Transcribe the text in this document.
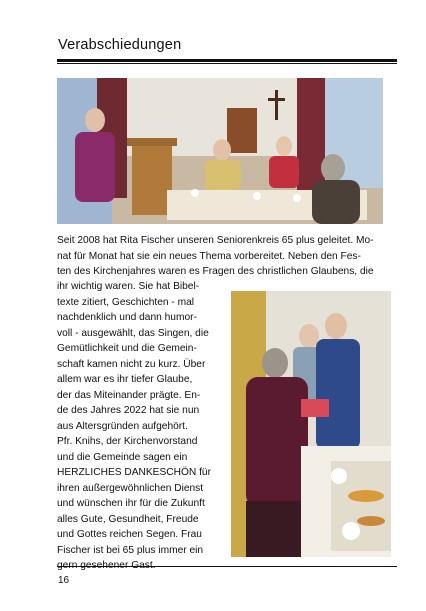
Verabschiedungen
Seit 2008 hat Rita Fischer unseren Seniorenkreis 65 plus geleitet. Mo-
nat für Monat hat sie ein neues Thema vorbereitet. Neben den Fes-
ten des Kirchenjahres waren es Fragen des christlichen Glaubens, die
ihr wichtig waren. Sie hat Bibel-
texte zitiert, Geschichten - mal
nachdenklich und dann humor-
voll - ausgewählt, das Singen, die
Gemütlichkeit und die Gemein-
schaft kamen nicht zu kurz. Über
allem war es ihr tiefer Glaube,
der das Miteinander prägte. En-
de des Jahres 2022 hat sie nun
aus Altersgründen aufgehört.
Pfr. Knihs, der Kirchenvorstand
und die Gemeinde sagen ein
HERZLICHES DANKESCHÖN für
ihren außergewöhnlichen Dienst
und wünschen ihr für die Zukunft
alles Gute, Gesundheit, Freude
und Gottes reichen Segen. Frau
Fischer ist bei 65 plus immer ein
16
